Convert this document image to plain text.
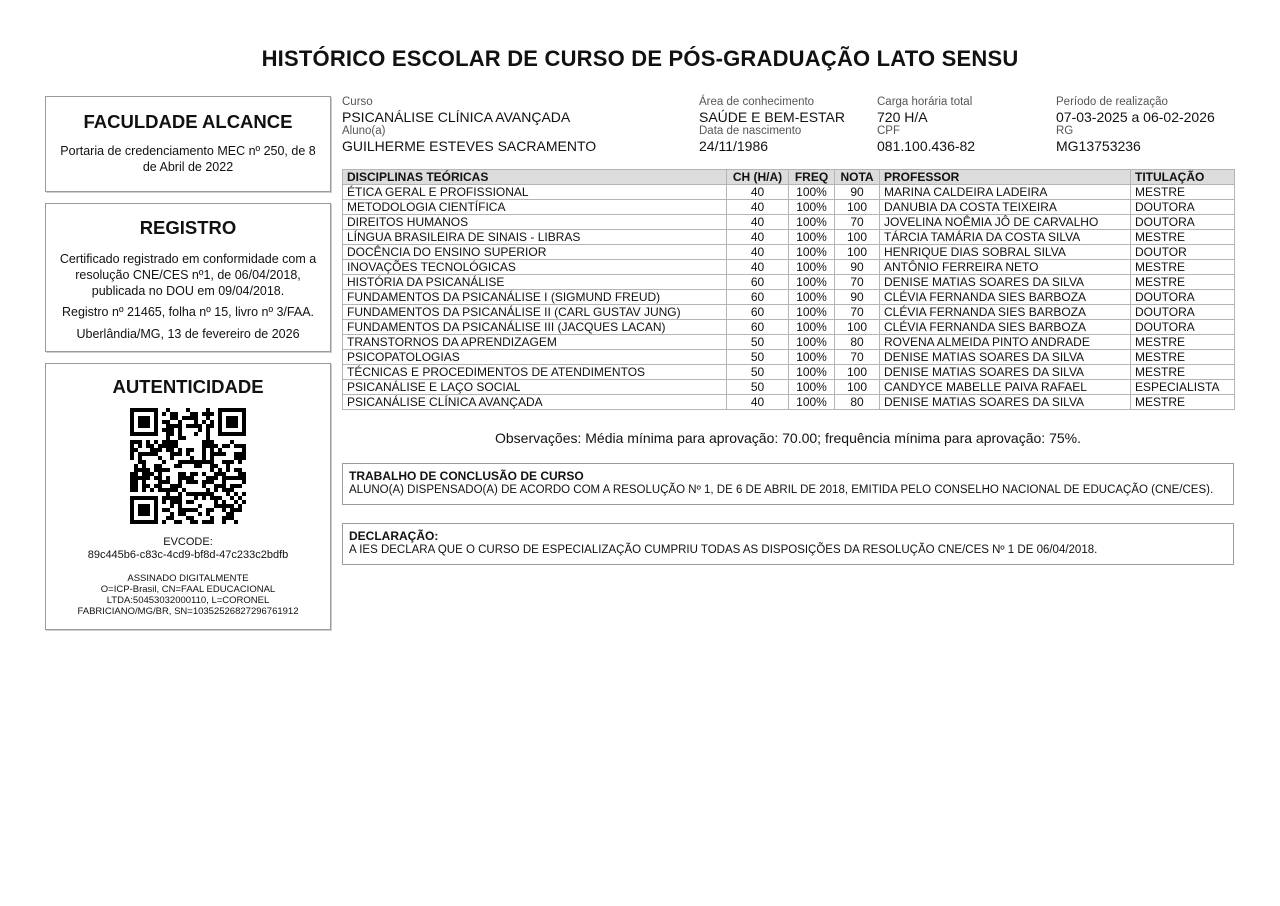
HISTÓRICO ESCOLAR DE CURSO DE PÓS-GRADUAÇÃO LATO SENSU
FACULDADE ALCANCE
Portaria de credenciamento MEC nº 250, de 8 de Abril de 2022
REGISTRO
Certificado registrado em conformidade com a resolução CNE/CES nº1, de 06/04/2018, publicada no DOU em 09/04/2018.
Registro nº 21465, folha nº 15, livro nº 3/FAA.
Uberlândia/MG, 13 de fevereiro de 2026
AUTENTICIDADE
EVCODE:
89c445b6-c83c-4cd9-bf8d-47c233c2bdfb
ASSINADO DIGITALMENTE
O=ICP-Brasil, CN=FAAL EDUCACIONAL LTDA:50453032000110, L=CORONEL FABRICIANO/MG/BR, SN=1035252682729676191​2
Curso
PSICANÁLISE CLÍNICA AVANÇADA
Aluno(a)
GUILHERME ESTEVES SACRAMENTO
Área de conhecimento
SAÚDE E BEM-ESTAR
Data de nascimento
24/11/1986
Carga horária total
720 H/A
CPF
081.100.436-82
Período de realização
07-03-2025 a 06-02-2026
RG
MG13753236
DISCIPLINAS TEÓRICAS	CH (H/A)	FREQ	NOTA	PROFESSOR	TITULAÇÃO
ÉTICA GERAL E PROFISSIONAL	40	100%	90	MARINA CALDEIRA LADEIRA	MESTRE
METODOLOGIA CIENTÍFICA	40	100%	100	DANUBIA DA COSTA TEIXEIRA	DOUTORA
DIREITOS HUMANOS	40	100%	70	JOVELINA NOÊMIA JÔ DE CARVALHO	DOUTORA
LÍNGUA BRASILEIRA DE SINAIS - LIBRAS	40	100%	100	TÁRCIA TAMÁRIA DA COSTA SILVA	MESTRE
DOCÊNCIA DO ENSINO SUPERIOR	40	100%	100	HENRIQUE DIAS SOBRAL SILVA	DOUTOR
INOVAÇÕES TECNOLÓGICAS	40	100%	90	ANTÔNIO FERREIRA NETO	MESTRE
HISTÓRIA DA PSICANÁLISE	60	100%	70	DENISE MATIAS SOARES DA SILVA	MESTRE
FUNDAMENTOS DA PSICANÁLISE I (SIGMUND FREUD)	60	100%	90	CLÉVIA FERNANDA SIES BARBOZA	DOUTORA
FUNDAMENTOS DA PSICANÁLISE II (CARL GUSTAV JUNG)	60	100%	70	CLÉVIA FERNANDA SIES BARBOZA	DOUTORA
FUNDAMENTOS DA PSICANÁLISE III (JACQUES LACAN)	60	100%	100	CLÉVIA FERNANDA SIES BARBOZA	DOUTORA
TRANSTORNOS DA APRENDIZAGEM	50	100%	80	ROVENA ALMEIDA PINTO ANDRADE	MESTRE
PSICOPATOLOGIAS	50	100%	70	DENISE MATIAS SOARES DA SILVA	MESTRE
TÉCNICAS E PROCEDIMENTOS DE ATENDIMENTOS	50	100%	100	DENISE MATIAS SOARES DA SILVA	MESTRE
PSICANÁLISE E LAÇO SOCIAL	50	100%	100	CANDYCE MABELLE PAIVA RAFAEL	ESPECIALISTA
PSICANÁLISE CLÍNICA AVANÇADA	40	100%	80	DENISE MATIAS SOARES DA SILVA	MESTRE
Observações: Média mínima para aprovação: 70.00; frequência mínima para aprovação: 75%.
TRABALHO DE CONCLUSÃO DE CURSO
ALUNO(A) DISPENSADO(A) DE ACORDO COM A RESOLUÇÃO Nº 1, DE 6 DE ABRIL DE 2018, EMITIDA PELO CONSELHO NACIONAL DE EDUCAÇÃO (CNE/CES).
DECLARAÇÃO:
A IES DECLARA QUE O CURSO DE ESPECIALIZAÇÃO CUMPRIU TODAS AS DISPOSIÇÕES DA RESOLUÇÃO CNE/CES Nº 1 DE 06/04/2018.
